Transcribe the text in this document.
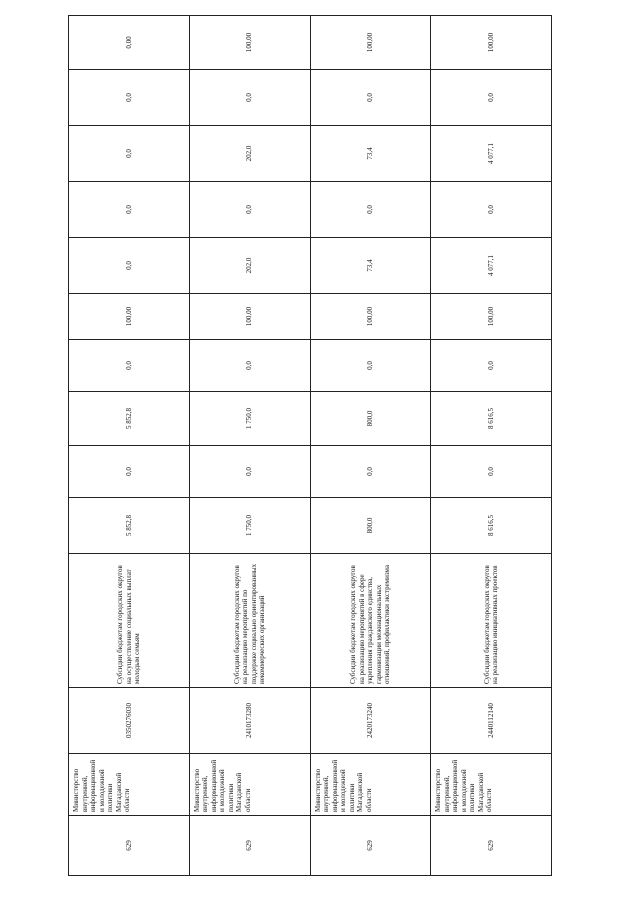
629	Министерство внутренней, информационной и молодежной политики Магаданской области	0350276030	Субсидии бюджетам городских округов на осуществление социальных выплат молодым семьям	5 852,8	0,0	5 852,8	0,0	100,00	0,0	0,0	0,0	0,0	0,00
629	Министерство внутренней, информационной и молодежной политики Магаданской области	2410173280	Субсидии бюджетам городских округов на реализацию мероприятий по поддержке социально ориентированных некоммерческих организаций	1 750,0	0,0	1 750,0	0,0	100,00	202,0	0,0	202,0	0,0	100,00
629	Министерство внутренней, информационной и молодежной политики Магаданской области	2420173240	Субсидии бюджетам городских округов на реализацию мероприятий в сфере укрепления гражданского единства, гармонизации межнациональных отношений, профилактики экстремизма	800,0	0,0	800,0	0,0	100,00	73,4	0,0	73,4	0,0	100,00
629	Министерство внутренней, информационной и молодежной политики Магаданской области	2440112140	Субсидии бюджетам городских округов на реализацию инициативных проектов	8 616,5	0,0	8 616,5	0,0	100,00	4 077,1	0,0	4 077,1	0,0	100,00
